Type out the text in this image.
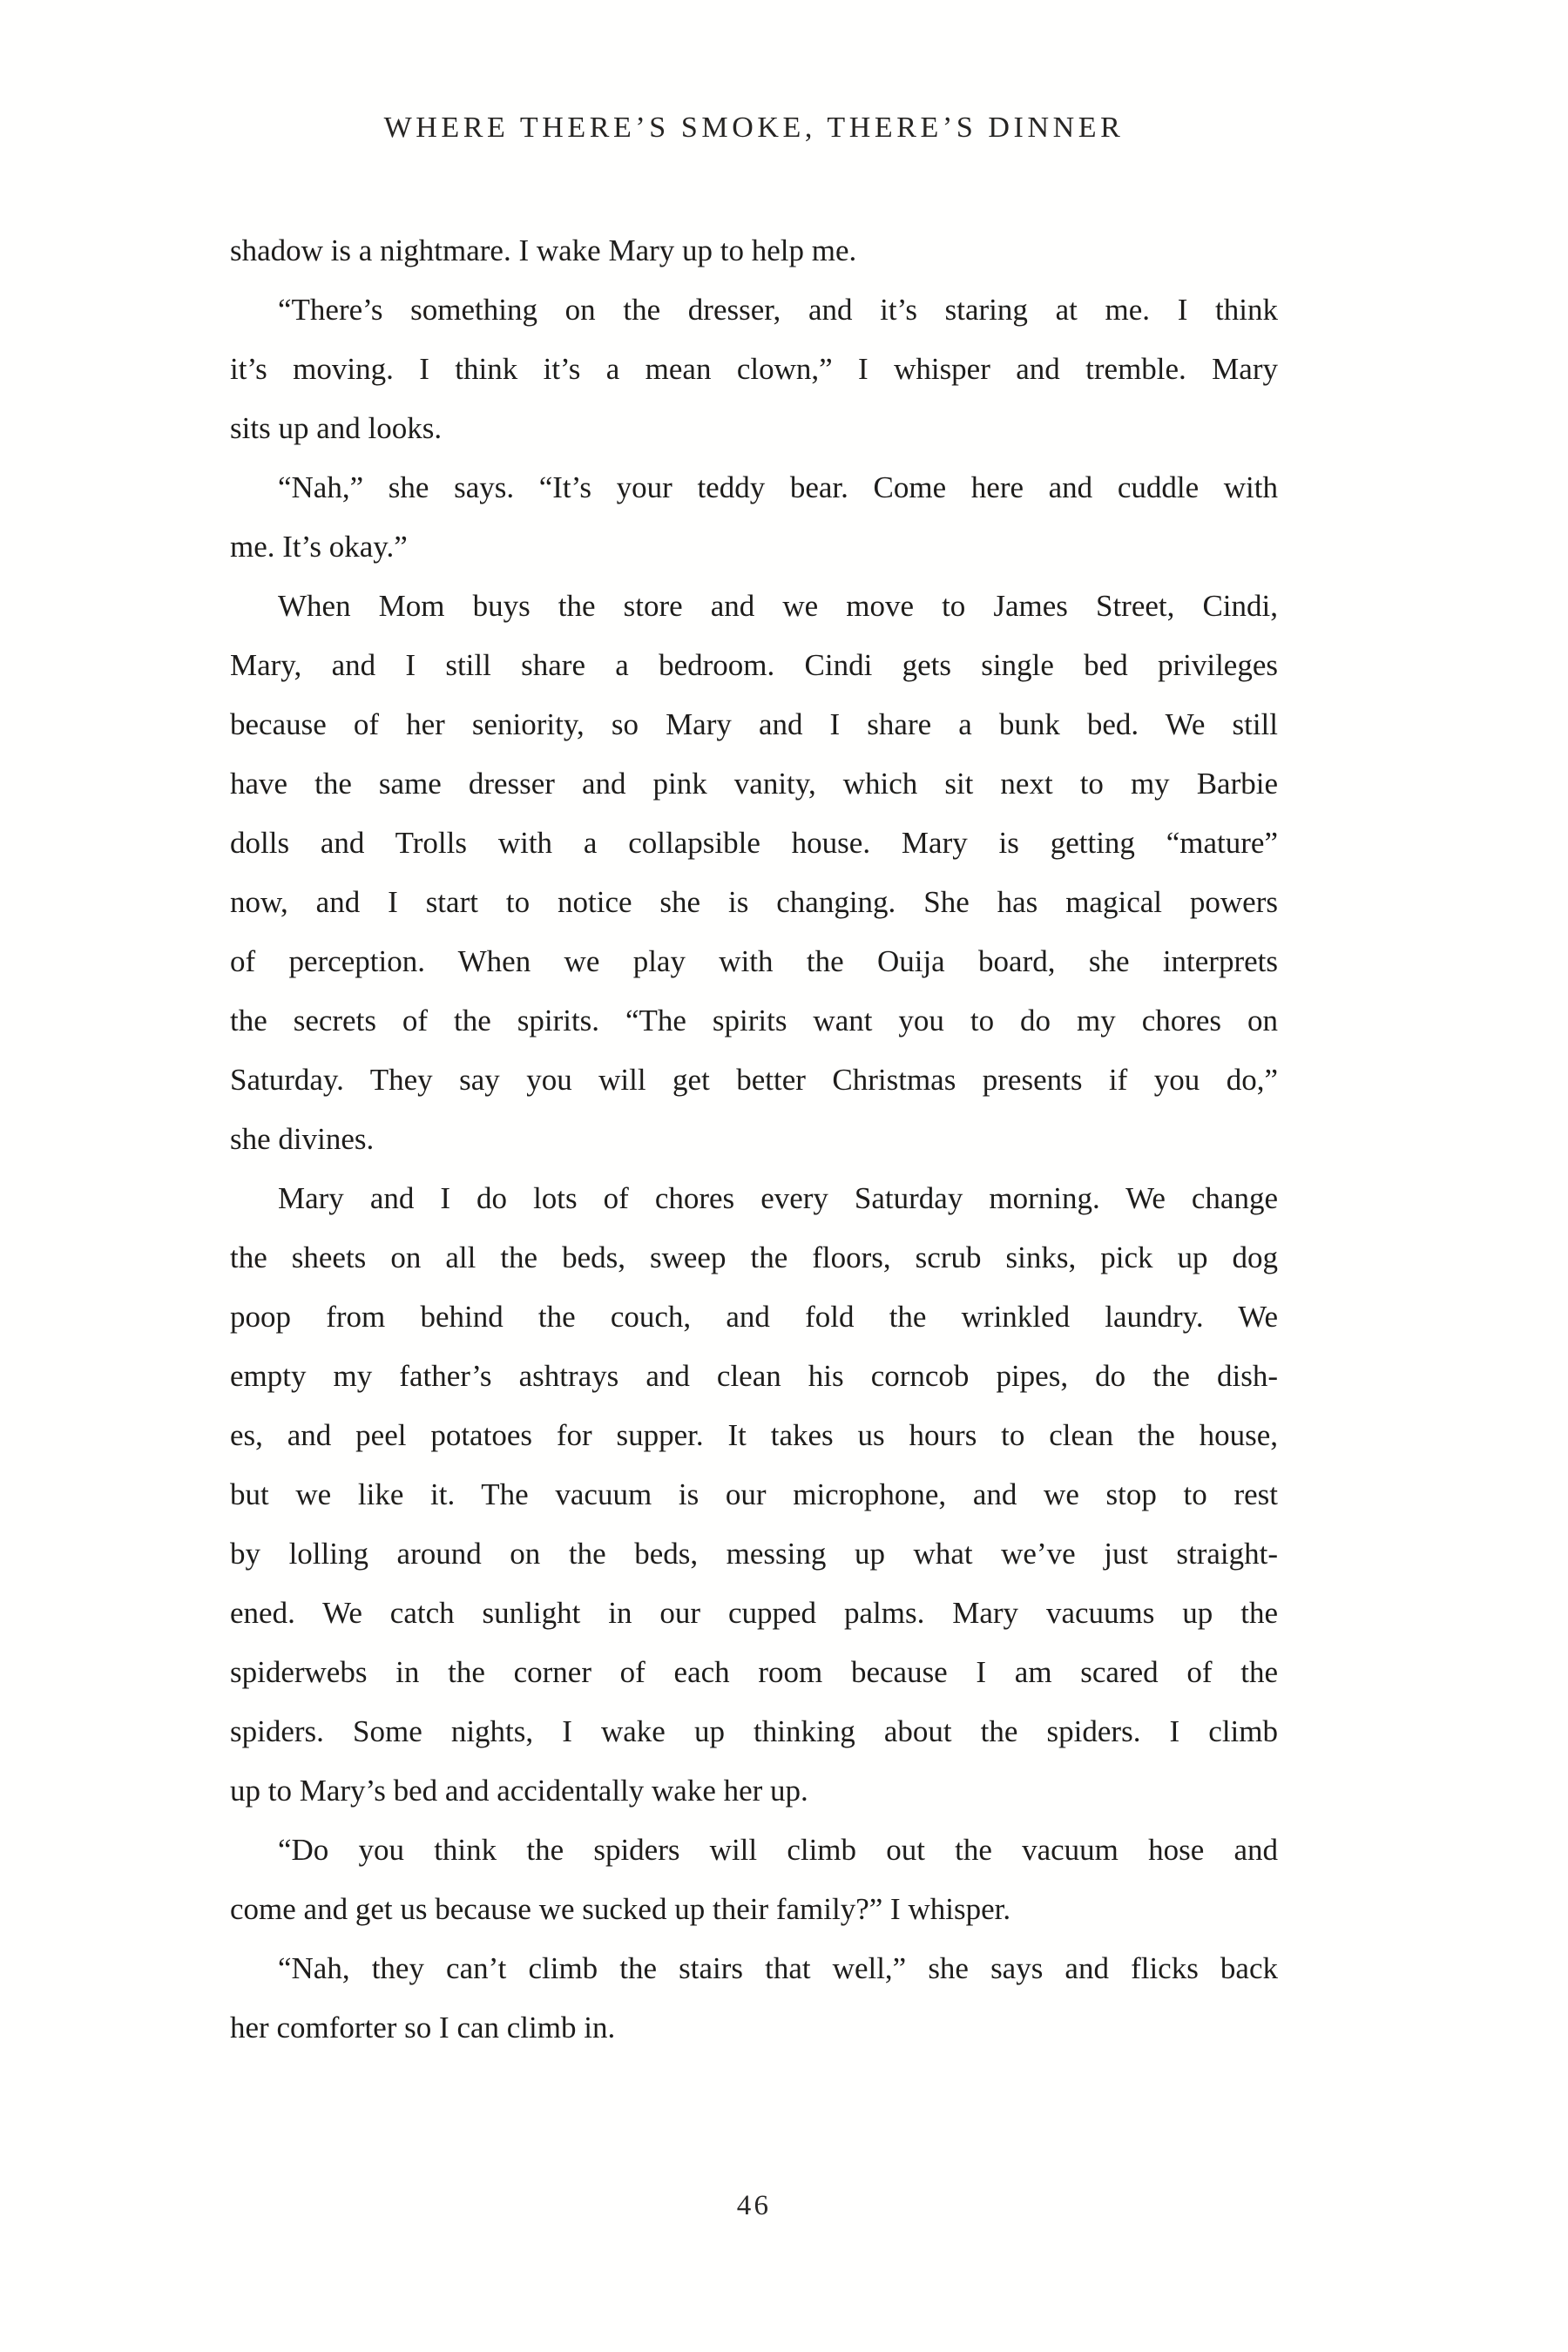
WHERE THERE’S SMOKE, THERE’S DINNER
shadow is a nightmare. I wake Mary up to help me.
“There’s something on the dresser, and it’s staring at me. I think
it’s moving. I think it’s a mean clown,” I whisper and tremble. Mary
sits up and looks.
“Nah,” she says. “It’s your teddy bear. Come here and cuddle with
me. It’s okay.”
When Mom buys the store and we move to James Street, Cindi,
Mary, and I still share a bedroom. Cindi gets single bed privileges
because of her seniority, so Mary and I share a bunk bed. We still
have the same dresser and pink vanity, which sit next to my Barbie
dolls and Trolls with a collapsible house. Mary is getting “mature”
now, and I start to notice she is changing. She has magical powers
of perception. When we play with the Ouija board, she interprets
the secrets of the spirits. “The spirits want you to do my chores on
Saturday. They say you will get better Christmas presents if you do,”
she divines.
Mary and I do lots of chores every Saturday morning. We change
the sheets on all the beds, sweep the floors, scrub sinks, pick up dog
poop from behind the couch, and fold the wrinkled laundry. We
empty my father’s ashtrays and clean his corncob pipes, do the dish-
es, and peel potatoes for supper. It takes us hours to clean the house,
but we like it. The vacuum is our microphone, and we stop to rest
by lolling around on the beds, messing up what we’ve just straight-
ened. We catch sunlight in our cupped palms. Mary vacuums up the
spiderwebs in the corner of each room because I am scared of the
spiders. Some nights, I wake up thinking about the spiders. I climb
up to Mary’s bed and accidentally wake her up.
“Do you think the spiders will climb out the vacuum hose and
come and get us because we sucked up their family?” I whisper.
“Nah, they can’t climb the stairs that well,” she says and flicks back
her comforter so I can climb in.
46
